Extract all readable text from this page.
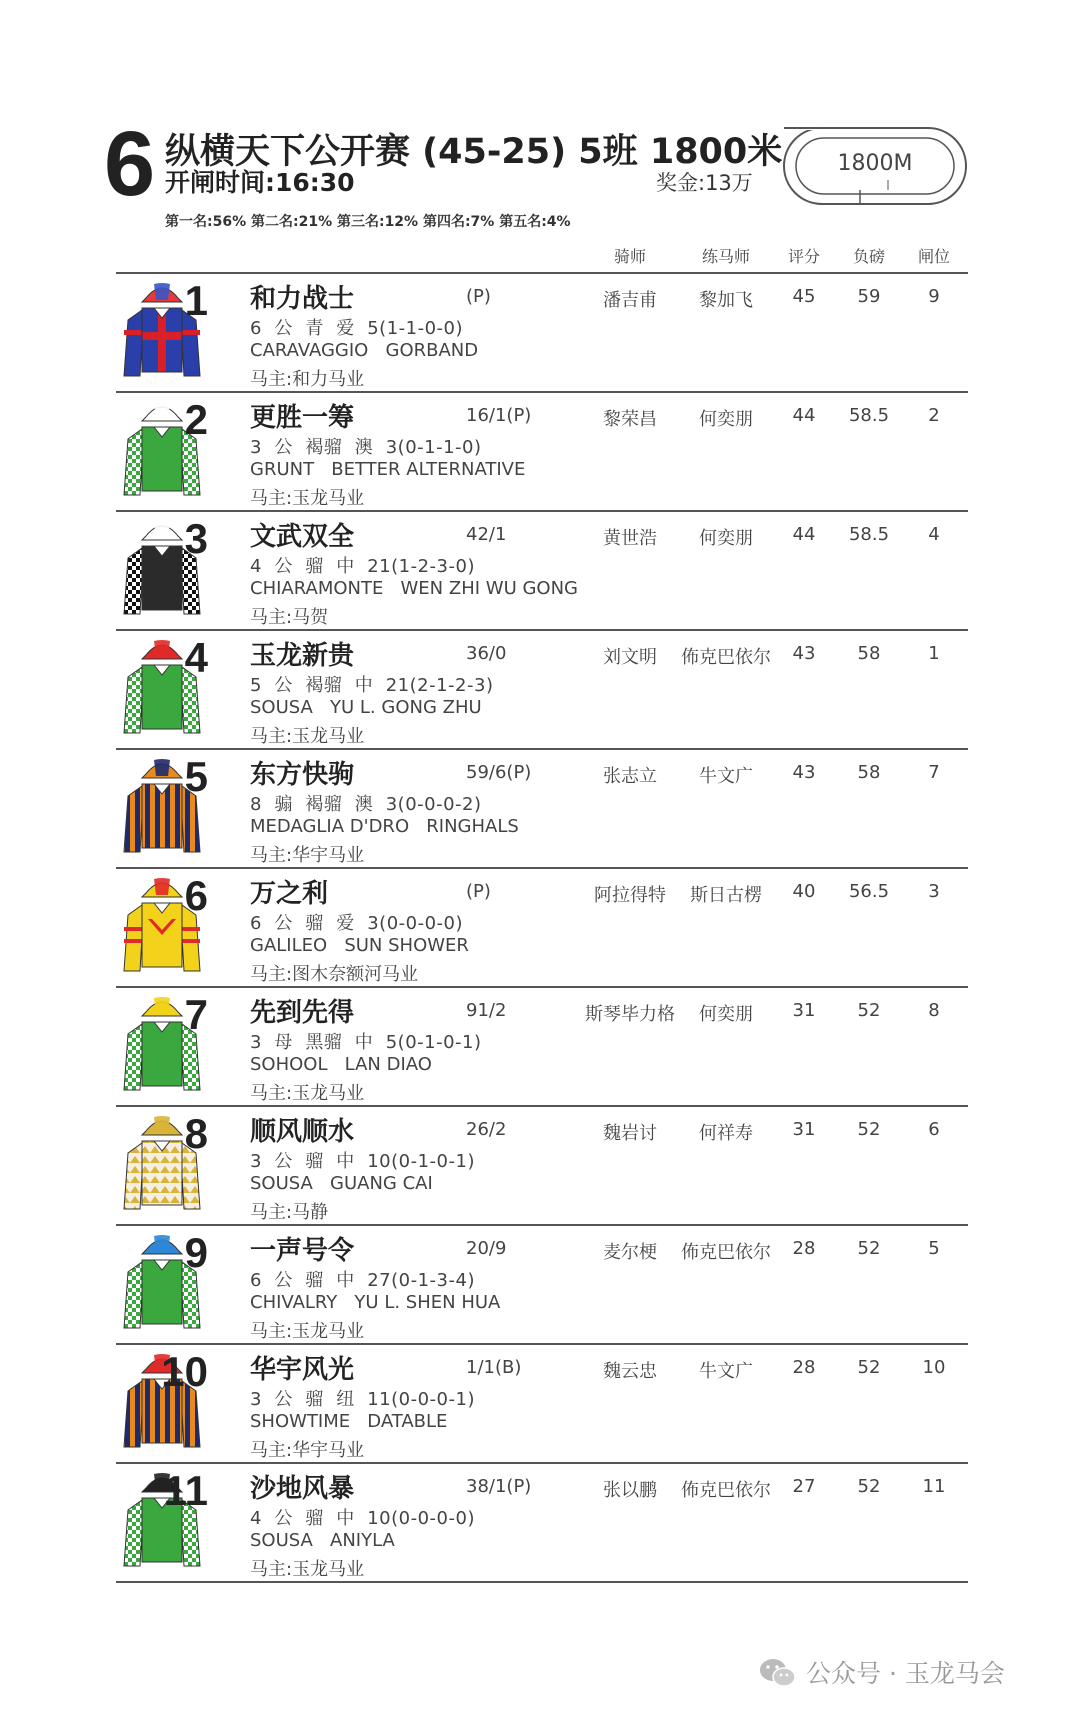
6 纵横天下公开赛 (45-25) 5班 1800米
开闸时间:16:30	奖金:13万
第一名:56% 第二名:21% 第三名:12% 第四名:7% 第五名:4%
1800M
骑师	练马师 评分 负磅 闸位
1 和力战士	(P)
6  公  青  爱  5(1-1-0-0)
CARAVAGGIO   GORBAND
马主:和力马业
潘吉甫 黎加飞 45 59	9
2 更胜一筹	16/1(P)
3  公  褐骝  澳  3(0-1-1-0)
GRUNT   BETTER ALTERNATIVE
马主:玉龙马业
黎荣昌 何奕朋 44 58.5 2
3 文武双全	42/1
4  公  骝  中  21(1-2-3-0)
CHIARAMONTE   WEN ZHI WU GONG
马主:马贺
黄世浩 何奕朋 44 58.5 4
4 玉龙新贵	36/0
5  公  褐骝  中  21(2-1-2-3)
SOUSA   YU L. GONG ZHU
马主:玉龙马业
刘文明 佈克巴依尔 43 58	1
5 东方快驹	59/6(P)
8  骟  褐骝  澳  3(0-0-0-2)
MEDAGLIA D'DRO   RINGHALS
马主:华宇马业
张志立 牛文广 43 58	7
6 万之利	(P)
6  公  骝  爱  3(0-0-0-0)
GALILEO   SUN SHOWER
马主:图木奈额河马业
阿拉得特 斯日古楞 40 56.5 3
7 先到先得	91/2
3  母  黑骝  中  5(0-1-0-1)
SOHOOL   LAN DIAO
马主:玉龙马业
斯琴毕力格 何奕朋 31 52	8
8 顺风顺水	26/2
3  公  骝  中  10(0-1-0-1)
SOUSA   GUANG CAI
马主:马静
魏岩讨 何祥寿 31 52	6
9 一声号令	20/9
6  公  骝  中  27(0-1-3-4)
CHIVALRY   YU L. SHEN HUA
马主:玉龙马业
麦尔梗 佈克巴依尔 28 52	5
10 华宇风光	1/1(B)
3  公  骝  纽  11(0-0-0-1)
SHOWTIME   DATABLE
马主:华宇马业
魏云忠 牛文广 28 52 10
11 沙地风暴	38/1(P)
4  公  骝  中  10(0-0-0-0)
SOUSA   ANIYLA
马主:玉龙马业
张以鹏 佈克巴依尔 27 52 11
公众号 · 玉龙马会
